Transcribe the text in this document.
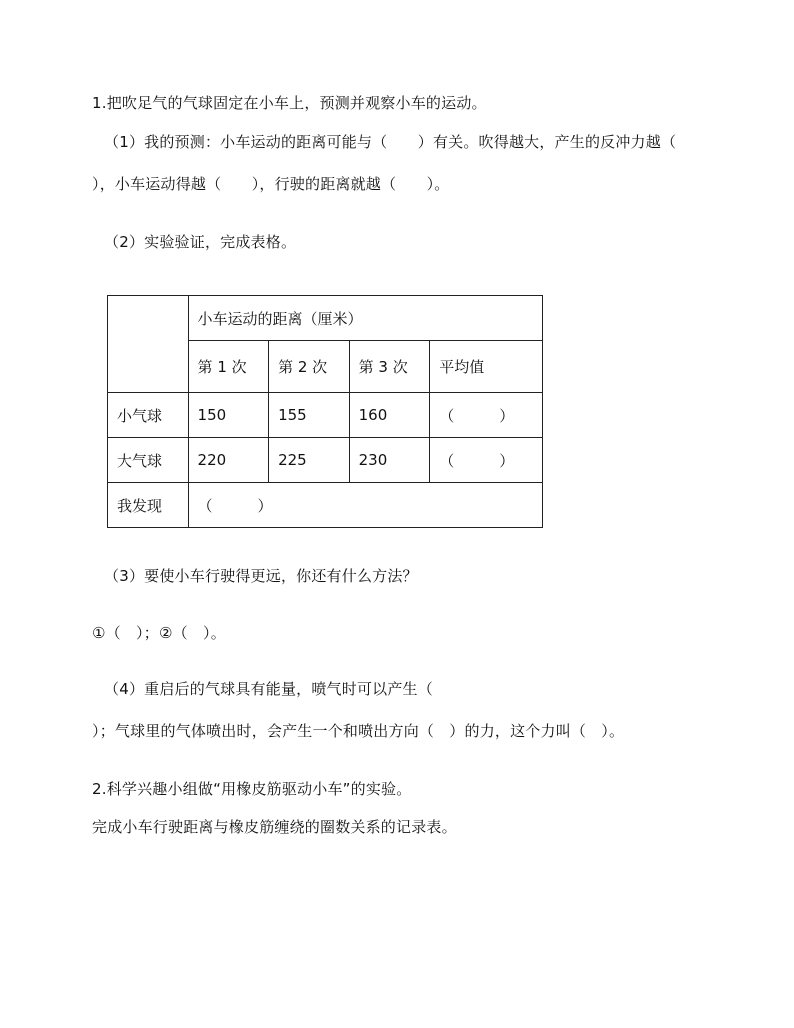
1.把吹足气的气球固定在小车上，预测并观察小车的运动。
（1）我的预测：小车运动的距离可能与（　　）有关。吹得越大，产生的反冲力越（
），小车运动得越（　　），行驶的距离就越（　　）。
（2）实验验证，完成表格。
	小车运动的距离（厘米）			
	第 1 次	第 2 次	第 3 次	平均值
小气球	150	155	160	（　　　）
大气球	220	225	230	（　　　）
我发现	（　　　）			
（3）要使小车行驶得更远，你还有什么方法？
①（　）；②（　）。
（4）重启后的气球具有能量，喷气时可以产生（
）；气球里的气体喷出时，会产生一个和喷出方向（　）的力，这个力叫（　）。
2.科学兴趣小组做“用橡皮筋驱动小车”的实验。
完成小车行驶距离与橡皮筋缠绕的圈数关系的记录表。
